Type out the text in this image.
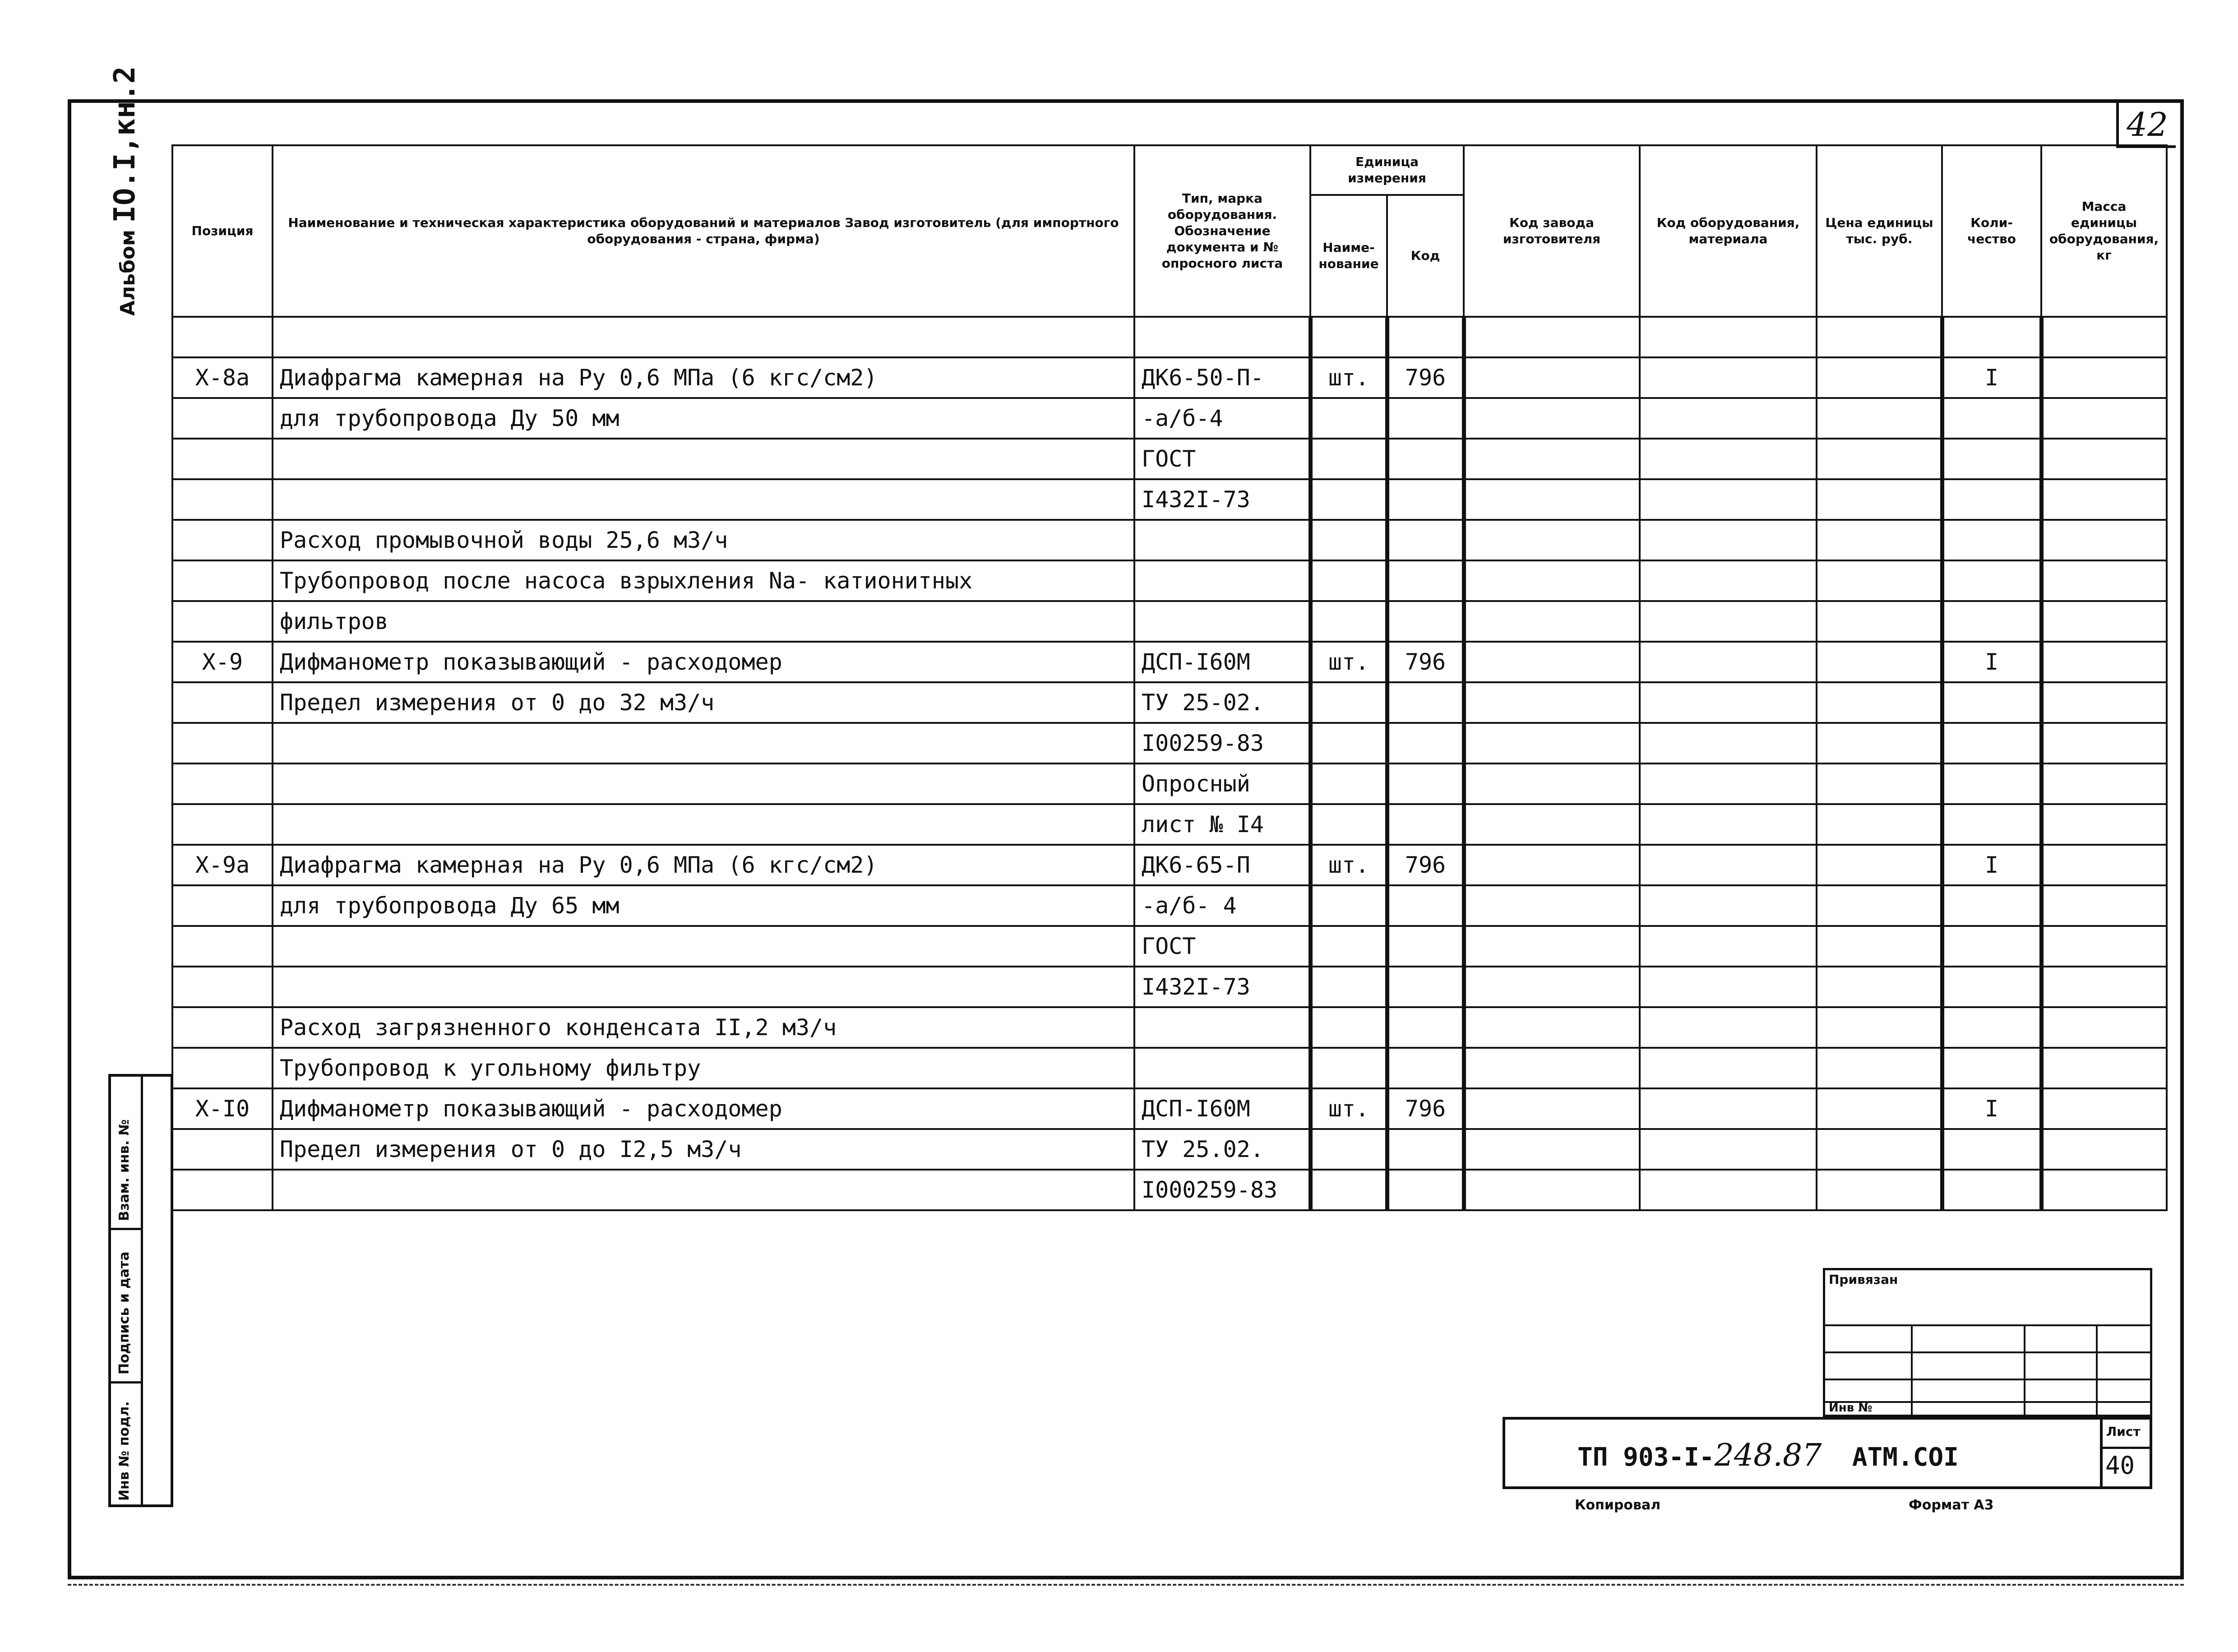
42
Альбом IO.I,кн.2
Взам. инв. №
Подпись и дата
Инв № подл.
Позиция	Наименование и техническая характеристика оборудований и материалов Завод изготовитель (для импортного оборудования - страна, фирма)	Тип, марка оборудования. Обозначение документа и № опросного листа	Единица измерения		Код завода изготовителя	Код оборудования, материала	Цена единицы тыс. руб.	Коли-чество	Масса единицы оборудования, кг
			Наиме-нование	Код					

X-8a	Диафрагма камерная на Ру 0,6 МПа (6 кгс/см2)	ДК6-50-П-	шт.	796				I	
	для трубопровода Ду 50 мм	-а/б-4							
		ГОСТ							
		I432I-73							
	Расход промывочной воды 25,6 м3/ч								
	Трубопровод после насоса взрыхления Na- катионитных								
	фильтров								
X-9	Дифманометр показывающий - расходомер	ДСП-I60М	шт.	796				I	
	Предел измерения от 0 до 32 м3/ч	ТУ 25-02.							
		I00259-83							
		Опросный							
		лист № I4							
X-9a	Диафрагма камерная на Ру 0,6 МПа (6 кгс/см2)	ДК6-65-П	шт.	796				I	
	для трубопровода Ду 65 мм	-а/б- 4							
		ГОСТ							
		I432I-73							
	Расход загрязненного конденсата II,2 м3/ч								
	Трубопровод к угольному фильтру								
X-I0	Дифманометр показывающий - расходомер	ДСП-I60М	шт.	796				I	
	Предел измерения от 0 до I2,5 м3/ч	ТУ 25.02.							
		I000259-83							
Привязан
Инв №
ТП 903-I-248.87 АТМ.СОI
Лист
40
Копировал	Формат А3
